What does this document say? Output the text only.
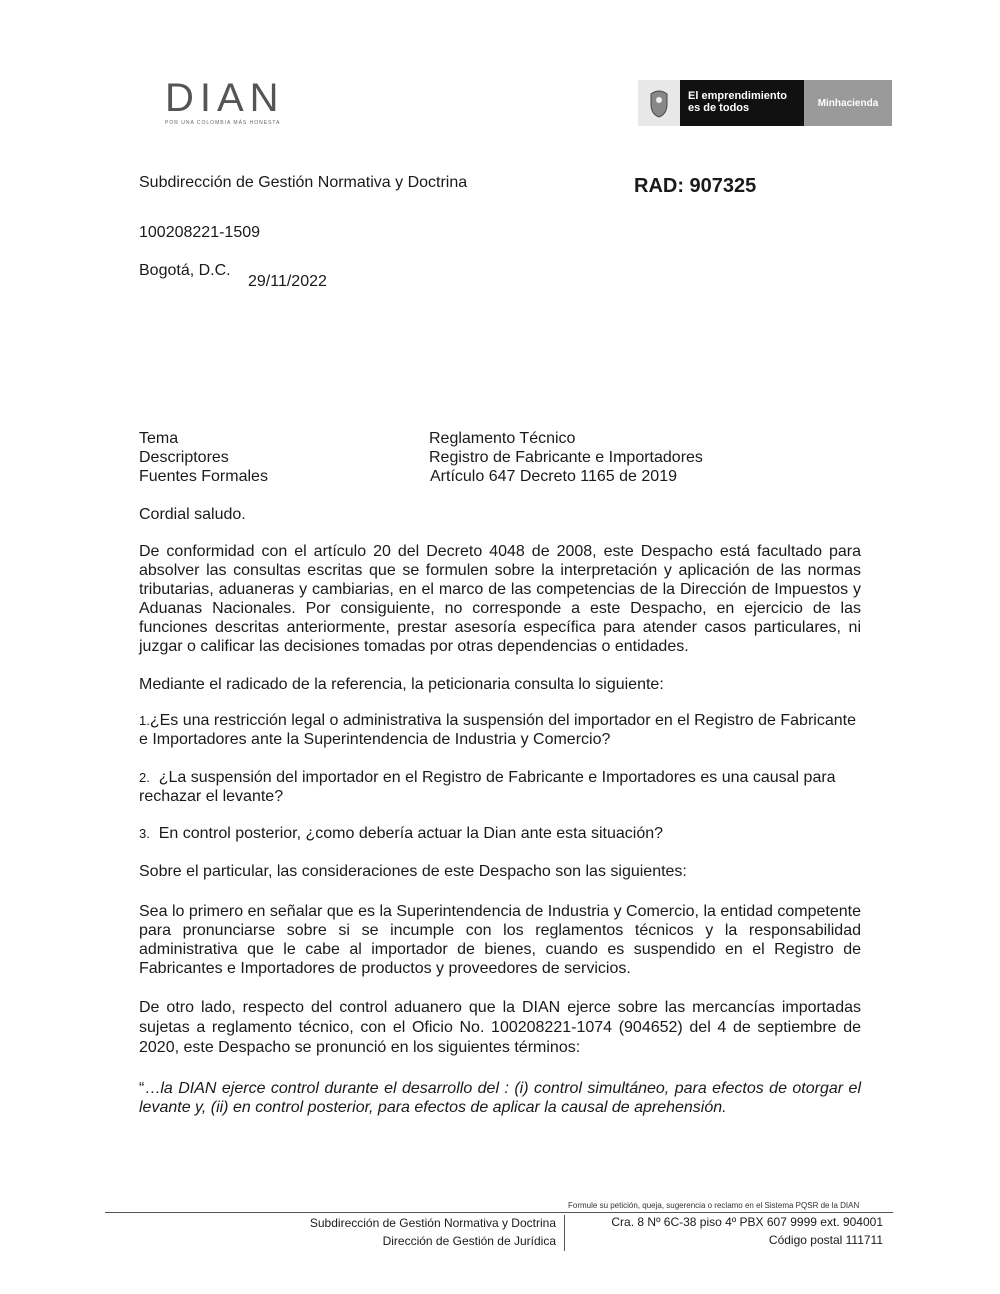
DIAN
POR UNA COLOMBIA MÁS HONESTA
El emprendimiento
es de todos	Minhacienda
Subdirección de Gestión Normativa y Doctrina	RAD: 907325
100208221-1509
Bogotá, D.C.
29/11/2022
Tema	Reglamento Técnico
Descriptores	Registro de Fabricante e Importadores
Fuentes Formales	Artículo 647 Decreto 1165 de 2019
Cordial saludo.
De conformidad con el artículo 20 del Decreto 4048 de 2008, este Despacho está facultado para absolver las consultas escritas que se formulen sobre la interpretación y aplicación de las normas tributarias, aduaneras y cambiarias, en el marco de las competencias de la Dirección de Impuestos y Aduanas Nacionales. Por consiguiente, no corresponde a este Despacho, en ejercicio de las funciones descritas anteriormente, prestar asesoría específica para atender casos particulares, ni juzgar o calificar las decisiones tomadas por otras dependencias o entidades.
Mediante el radicado de la referencia, la peticionaria consulta lo siguiente:
1.¿Es una restricción legal o administrativa la suspensión del importador en el Registro de Fabricante e Importadores ante la Superintendencia de Industria y Comercio?
2. ¿La suspensión del importador en el Registro de Fabricante e Importadores es una causal para rechazar el levante?
3. En control posterior, ¿como debería actuar la Dian ante esta situación?
Sobre el particular, las consideraciones de este Despacho son las siguientes:
Sea lo primero en señalar que es la Superintendencia de Industria y Comercio, la entidad competente para pronunciarse sobre si se incumple con los reglamentos técnicos y la responsabilidad administrativa que le cabe al importador de bienes, cuando es suspendido en el Registro de Fabricantes e Importadores de productos y proveedores de servicios.
De otro lado, respecto del control aduanero que la DIAN ejerce sobre las mercancías importadas sujetas a reglamento técnico, con el Oficio No. 100208221-1074 (904652) del 4 de septiembre de 2020, este Despacho se pronunció en los siguientes términos:
“…la DIAN ejerce control durante el desarrollo del : (i) control simultáneo, para efectos de otorgar el levante y, (ii) en control posterior, para efectos de aplicar la causal de aprehensión.
Formule su petición, queja, sugerencia o reclamo en el Sistema PQSR de la DIAN
Subdirección de Gestión Normativa y Doctrina
Dirección de Gestión de Jurídica
Cra. 8 Nº 6C-38 piso 4º PBX 607 9999 ext. 904001
Código postal 111711
